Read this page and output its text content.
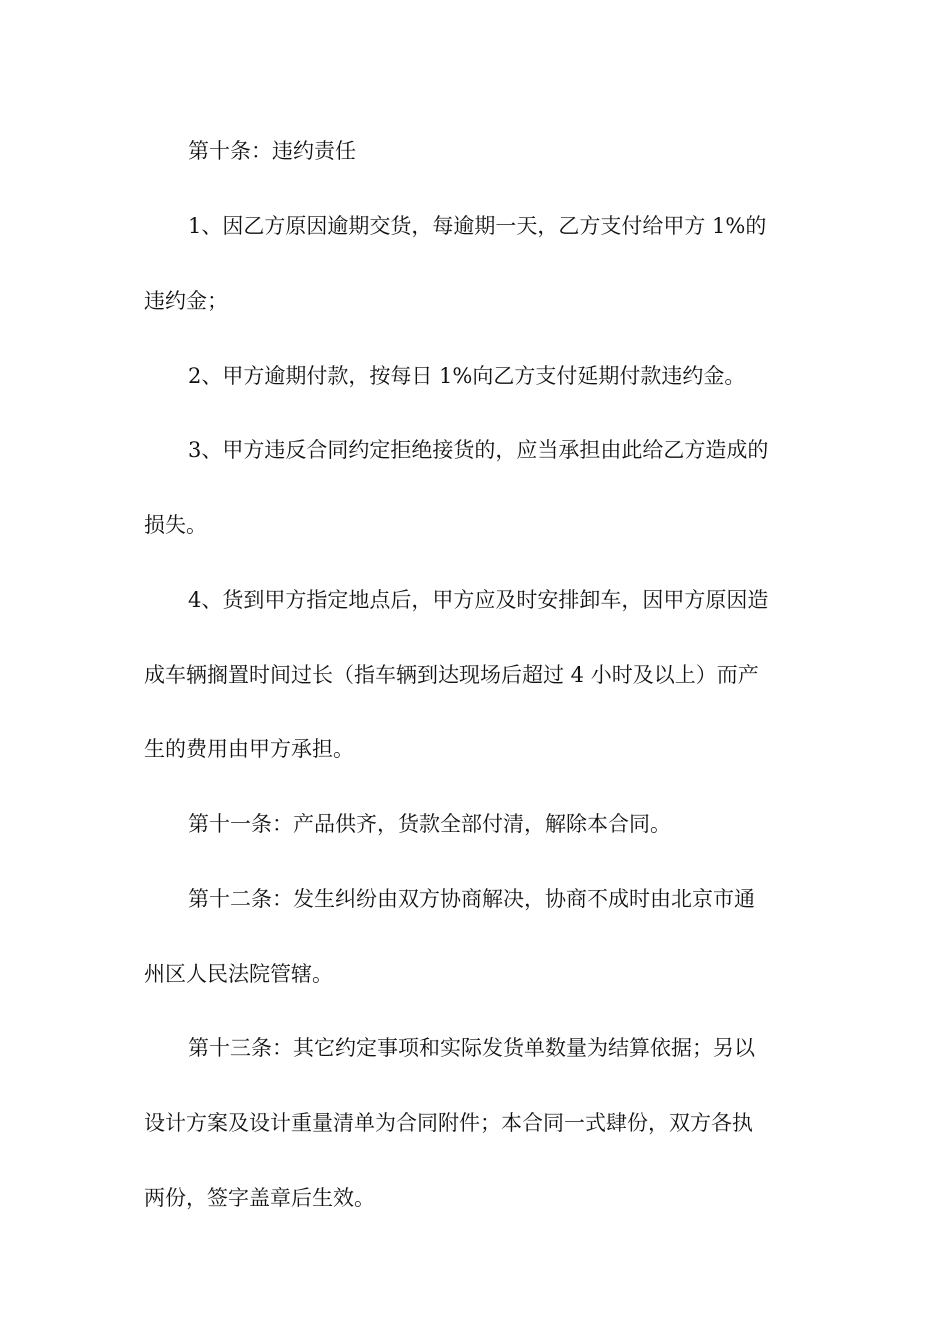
第十条：违约责任
1、因乙方原因逾期交货，每逾期一天，乙方支付给甲方 1%的
违约金；
2、甲方逾期付款，按每日 1%向乙方支付延期付款违约金。
3、甲方违反合同约定拒绝接货的，应当承担由此给乙方造成的
损失。
4、货到甲方指定地点后，甲方应及时安排卸车，因甲方原因造
成车辆搁置时间过长（指车辆到达现场后超过 4 小时及以上）而产
生的费用由甲方承担。
第十一条：产品供齐，货款全部付清，解除本合同。
第十二条：发生纠纷由双方协商解决，协商不成时由北京市通
州区人民法院管辖。
第十三条：其它约定事项和实际发货单数量为结算依据；另以
设计方案及设计重量清单为合同附件；本合同一式肆份，双方各执
两份，签字盖章后生效。
